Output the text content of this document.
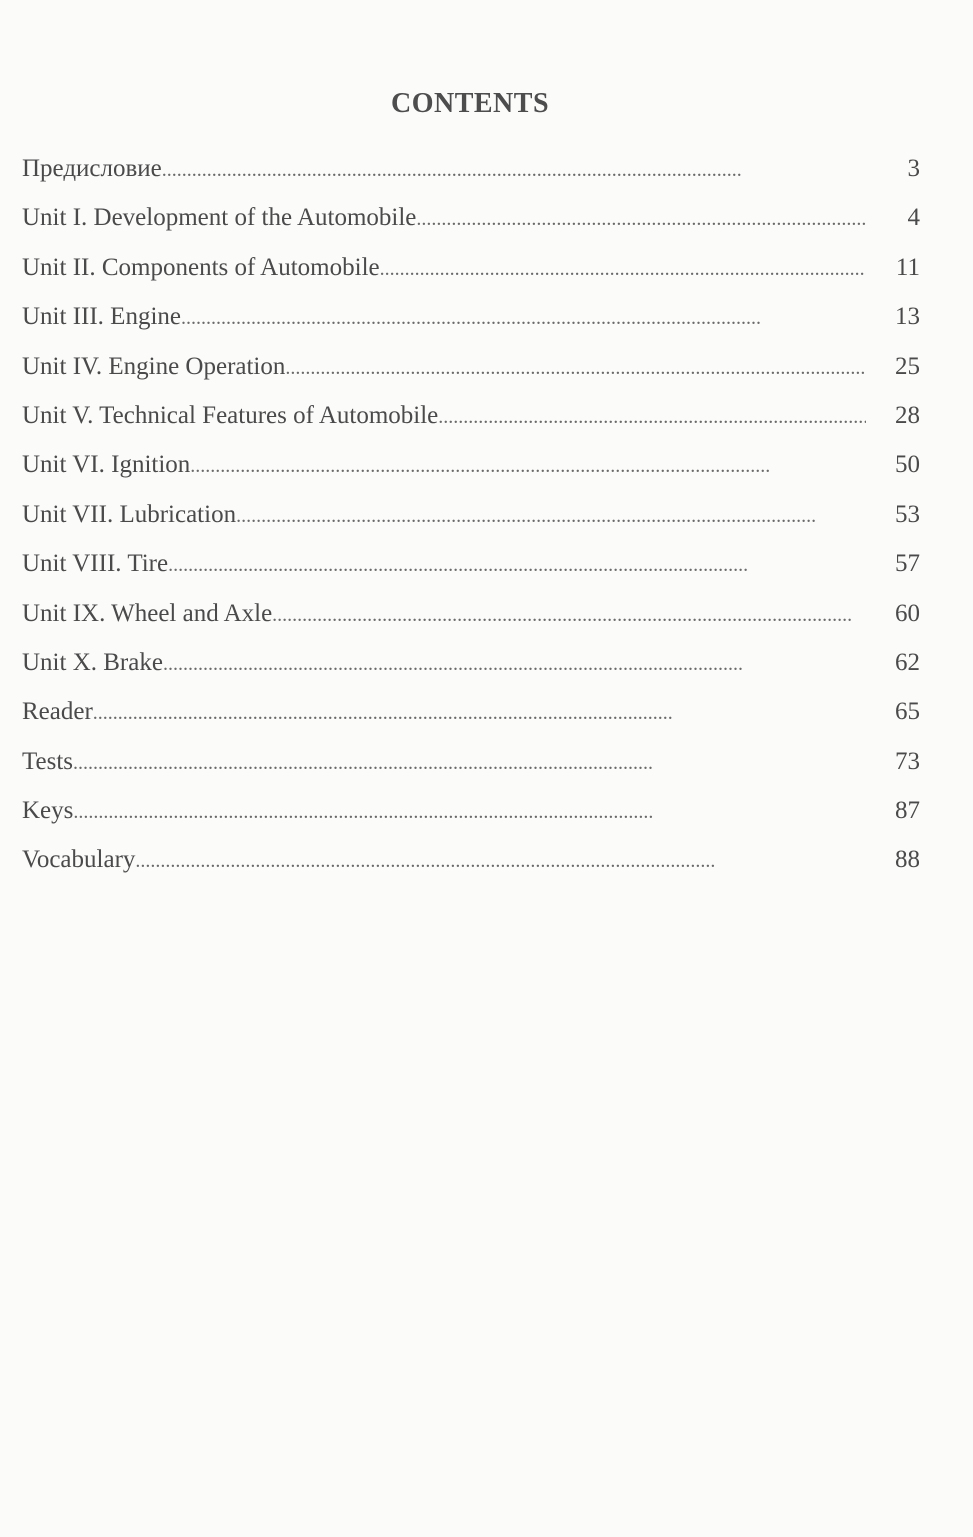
CONTENTS
Предисловие . . .	3
Unit I. Development of the Automobile . . .	4
Unit II. Components of Automobile . . .	11
Unit III. Engine . . .	13
Unit IV. Engine Operation . . .	25
Unit V. Technical Features of Automobile . . .	28
Unit VI. Ignition . . .	50
Unit VII. Lubrication . . .	53
Unit VIII. Tire . . .	57
Unit IX. Wheel and Axle . . .	60
Unit X. Brake . . .	62
Reader . . .	65
Tests . . .	73
Keys . . .	87
Vocabulary . . .	88
